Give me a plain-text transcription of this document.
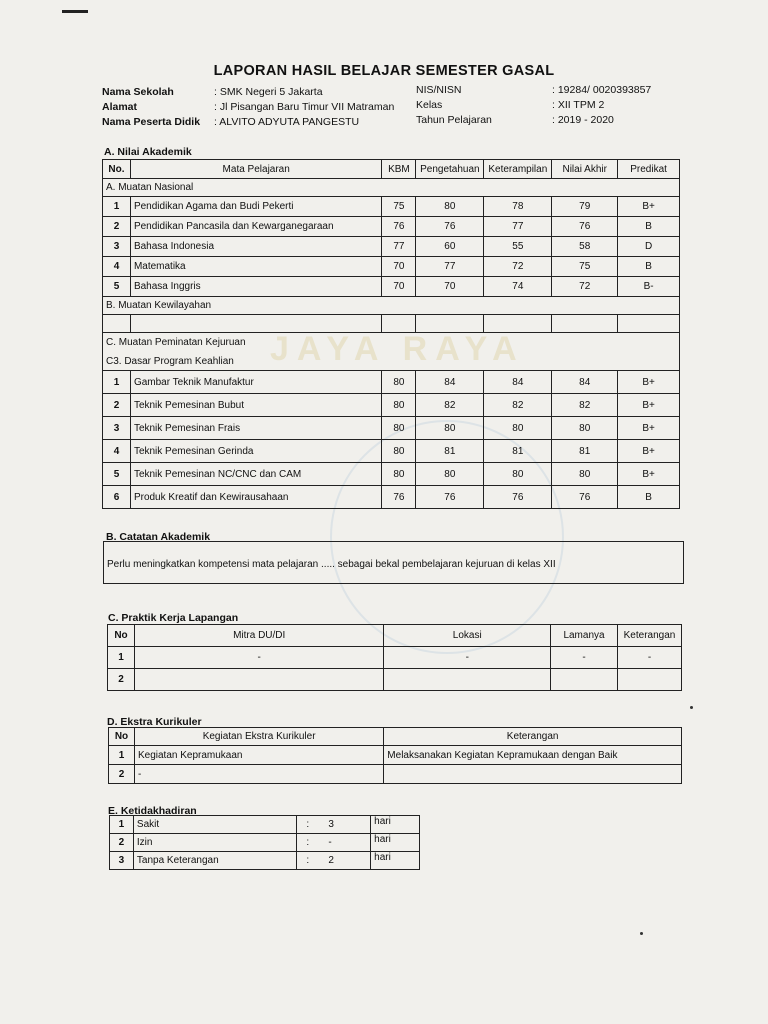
JAYA RAYA
LAPORAN HASIL BELAJAR SEMESTER GASAL
Nama Sekolah	: SMK Negeri 5 Jakarta
Alamat	: Jl Pisangan Baru Timur VII Matraman
Nama Peserta Didik : ALVITO ADYUTA PANGESTU
NIS/NISN	: 19284/ 0020393857
Kelas	: XII TPM 2
Tahun Pelajaran	: 2019 - 2020
A. Nilai Akademik
No.	Mata Pelajaran	KBM	Pengetahuan	Keterampilan	Nilai Akhir	Predikat
A. Muatan Nasional						
1	Pendidikan Agama dan Budi Pekerti	75	80	78	79	B+
2	Pendidikan Pancasila dan Kewarganegaraan	76	76	77	76	B
3	Bahasa Indonesia	77	60	55	58	D
4	Matematika	70	77	72	75	B
5	Bahasa Inggris	70	70	74	72	B-
B. Muatan Kewilayahan						

C. Muatan Peminatan Kejuruan						
C3. Dasar Program Keahlian						
1	Gambar Teknik Manufaktur	80	84	84	84	B+
2	Teknik Pemesinan Bubut	80	82	82	82	B+
3	Teknik Pemesinan Frais	80	80	80	80	B+
4	Teknik Pemesinan Gerinda	80	81	81	81	B+
5	Teknik Pemesinan NC/CNC dan CAM	80	80	80	80	B+
6	Produk Kreatif dan Kewirausahaan	76	76	76	76	B
B. Catatan Akademik
Perlu meningkatkan kompetensi mata pelajaran ..... sebagai bekal pembelajaran kejuruan di kelas XII
C. Praktik Kerja Lapangan
No	Mitra DU/DI	Lokasi	Lamanya	Keterangan
1	-	-	-	-
2				
D. Ekstra Kurikuler
No	Kegiatan Ekstra Kurikuler	Keterangan
1	Kegiatan Kepramukaan	Melaksanakan Kegiatan Kepramukaan dengan Baik
2	-	
E. Ketidakhadiran
1	Sakit	: 3	hari
2	Izin	: -	hari
3	Tanpa Keterangan	: 2	hari
